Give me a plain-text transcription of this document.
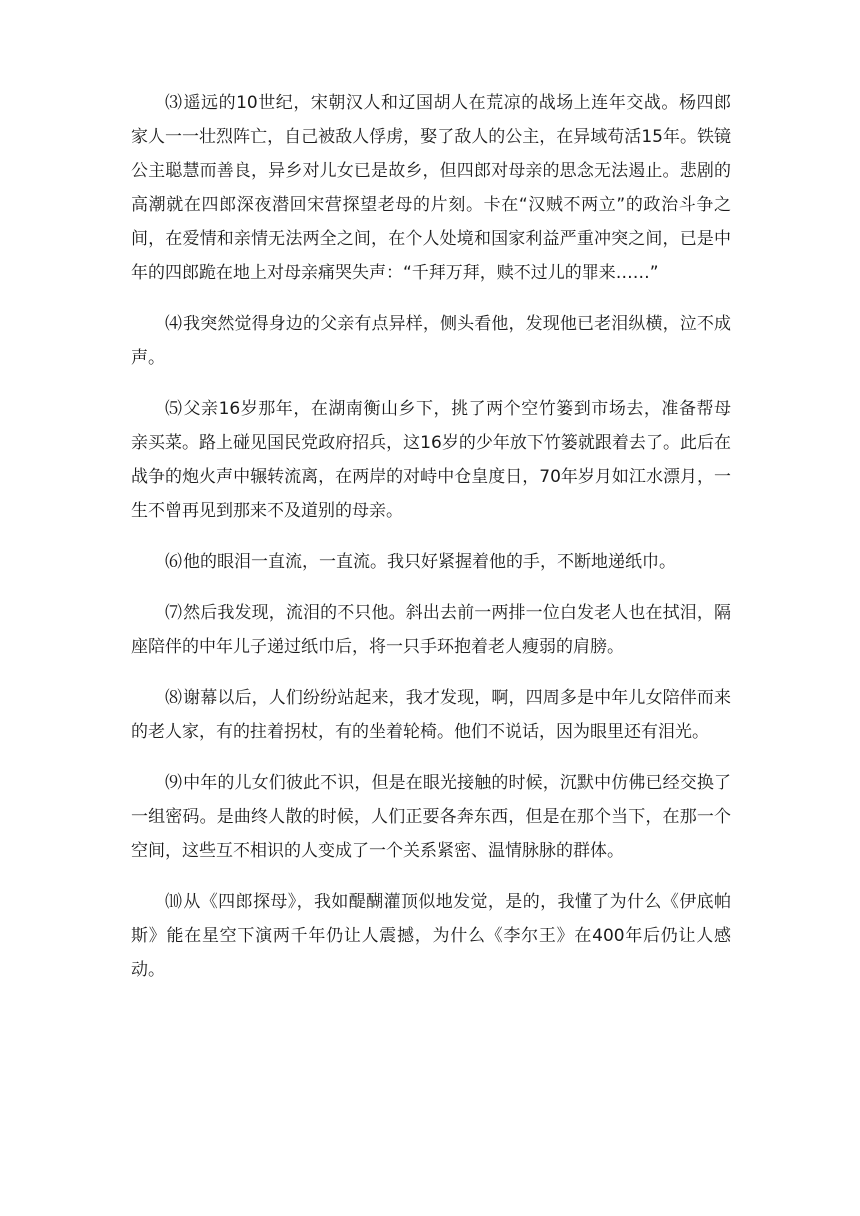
⑶遥远的10世纪，宋朝汉人和辽国胡人在荒凉的战场上连年交战。杨四郎家人一一壮烈阵亡，自己被敌人俘虏，娶了敌人的公主，在异域苟活15年。铁镜公主聪慧而善良，异乡对儿女已是故乡，但四郎对母亲的思念无法遏止。悲剧的高潮就在四郎深夜潜回宋营探望老母的片刻。卡在“汉贼不两立”的政治斗争之间，在爱情和亲情无法两全之间，在个人处境和国家利益严重冲突之间，已是中年的四郎跪在地上对母亲痛哭失声：“千拜万拜，赎不过儿的罪来……”

⑷我突然觉得身边的父亲有点异样，侧头看他，发现他已老泪纵横，泣不成声。

⑸父亲16岁那年，在湖南衡山乡下，挑了两个空竹篓到市场去，准备帮母亲买菜。路上碰见国民党政府招兵，这16岁的少年放下竹篓就跟着去了。此后在战争的炮火声中辗转流离，在两岸的对峙中仓皇度日，70年岁月如江水漂月，一生不曾再见到那来不及道别的母亲。

⑹他的眼泪一直流，一直流。我只好紧握着他的手，不断地递纸巾。

⑺然后我发现，流泪的不只他。斜出去前一两排一位白发老人也在拭泪，隔座陪伴的中年儿子递过纸巾后，将一只手环抱着老人瘦弱的肩膀。

⑻谢幕以后，人们纷纷站起来，我才发现，啊，四周多是中年儿女陪伴而来的老人家，有的拄着拐杖，有的坐着轮椅。他们不说话，因为眼里还有泪光。

⑼中年的儿女们彼此不识，但是在眼光接触的时候，沉默中仿佛已经交换了一组密码。是曲终人散的时候，人们正要各奔东西，但是在那个当下，在那一个空间，这些互不相识的人变成了一个关系紧密、温情脉脉的群体。

⑽从《四郎探母》，我如醍醐灌顶似地发觉，是的，我懂了为什么《伊底帕斯》能在星空下演两千年仍让人震撼，为什么《李尔王》在400年后仍让人感动。
